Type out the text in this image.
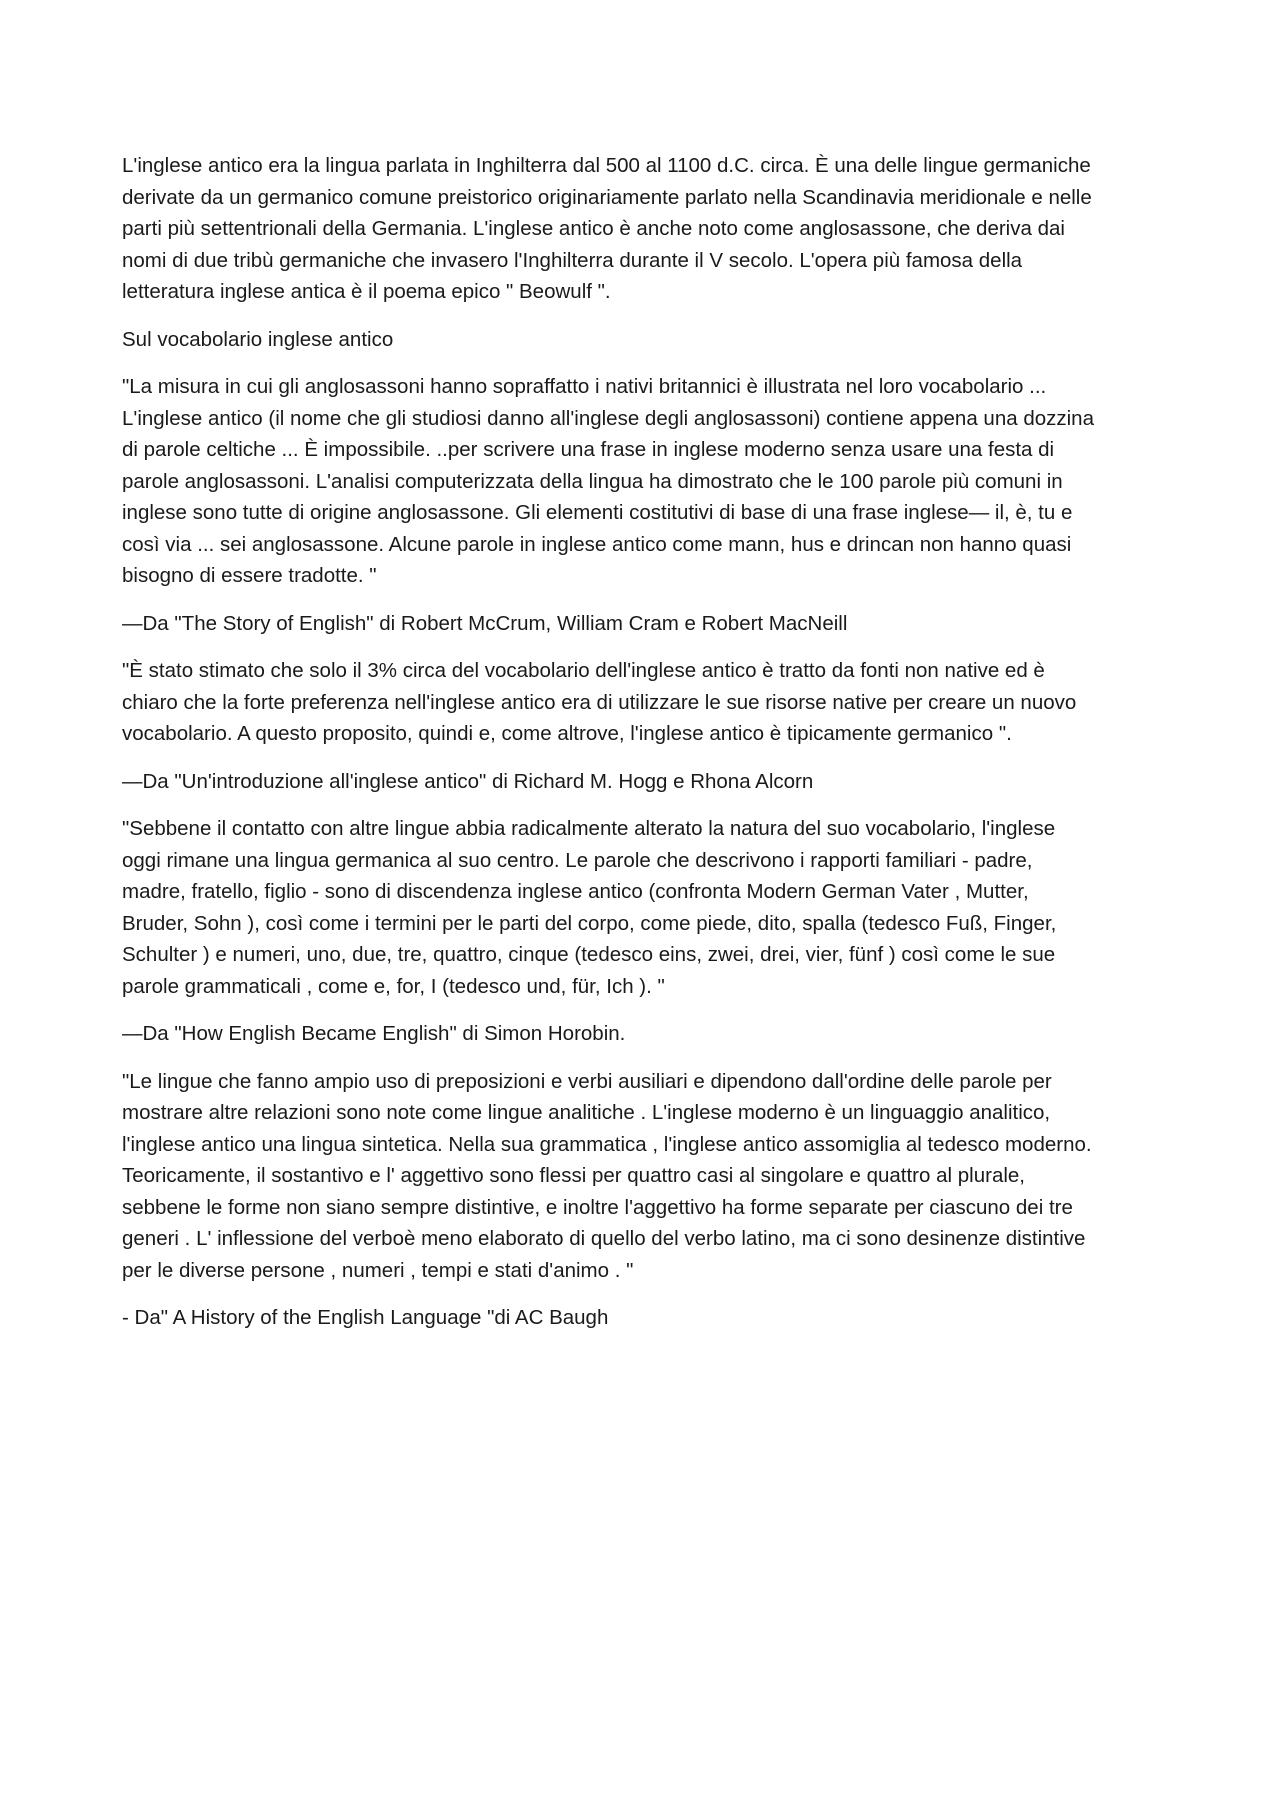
L'inglese antico era la lingua parlata in Inghilterra dal 500 al 1100 d.C. circa. È una delle lingue germaniche
derivate da un germanico comune preistorico originariamente parlato nella Scandinavia meridionale e nelle
parti più settentrionali della Germania. L'inglese antico è anche noto come anglosassone, che deriva dai
nomi di due tribù germaniche che invasero l'Inghilterra durante il V secolo. L'opera più famosa della
letteratura inglese antica è il poema epico " Beowulf ".

Sul vocabolario inglese antico

"La misura in cui gli anglosassoni hanno sopraffatto i nativi britannici è illustrata nel loro vocabolario ...
L'inglese antico (il nome che gli studiosi danno all'inglese degli anglosassoni) contiene appena una dozzina
di parole celtiche ... È impossibile. ..per scrivere una frase in inglese moderno senza usare una festa di
parole anglosassoni. L'analisi computerizzata della lingua ha dimostrato che le 100 parole più comuni in
inglese sono tutte di origine anglosassone. Gli elementi costitutivi di base di una frase inglese— il, è, tu e
così via ... sei anglosassone. Alcune parole in inglese antico come mann, hus e drincan non hanno quasi
bisogno di essere tradotte. "

—Da "The Story of English" di Robert McCrum, William Cram e Robert MacNeill

"È stato stimato che solo il 3% circa del vocabolario dell'inglese antico è tratto da fonti non native ed è
chiaro che la forte preferenza nell'inglese antico era di utilizzare le sue risorse native per creare un nuovo
vocabolario. A questo proposito, quindi e, come altrove, l'inglese antico è tipicamente germanico ".

—Da "Un'introduzione all'inglese antico" di Richard M. Hogg e Rhona Alcorn

"Sebbene il contatto con altre lingue abbia radicalmente alterato la natura del suo vocabolario, l'inglese
oggi rimane una lingua germanica al suo centro. Le parole che descrivono i rapporti familiari - padre,
madre, fratello, figlio - sono di discendenza inglese antico (confronta Modern German Vater , Mutter,
Bruder, Sohn ), così come i termini per le parti del corpo, come piede, dito, spalla (tedesco Fuß, Finger,
Schulter ) e numeri, uno, due, tre, quattro, cinque (tedesco eins, zwei, drei, vier, fünf ) così come le sue
parole grammaticali , come e, for, I (tedesco und, für, Ich ). "

—Da "How English Became English" di Simon Horobin.

"Le lingue che fanno ampio uso di preposizioni e verbi ausiliari e dipendono dall'ordine delle parole per
mostrare altre relazioni sono note come lingue analitiche . L'inglese moderno è un linguaggio analitico,
l'inglese antico una lingua sintetica. Nella sua grammatica , l'inglese antico assomiglia al tedesco moderno.
Teoricamente, il sostantivo e l' aggettivo sono flessi per quattro casi al singolare e quattro al plurale,
sebbene le forme non siano sempre distintive, e inoltre l'aggettivo ha forme separate per ciascuno dei tre
generi . L' inflessione del verboè meno elaborato di quello del verbo latino, ma ci sono desinenze distintive
per le diverse persone , numeri , tempi e stati d'animo . "

- Da" A History of the English Language "di AC Baugh
